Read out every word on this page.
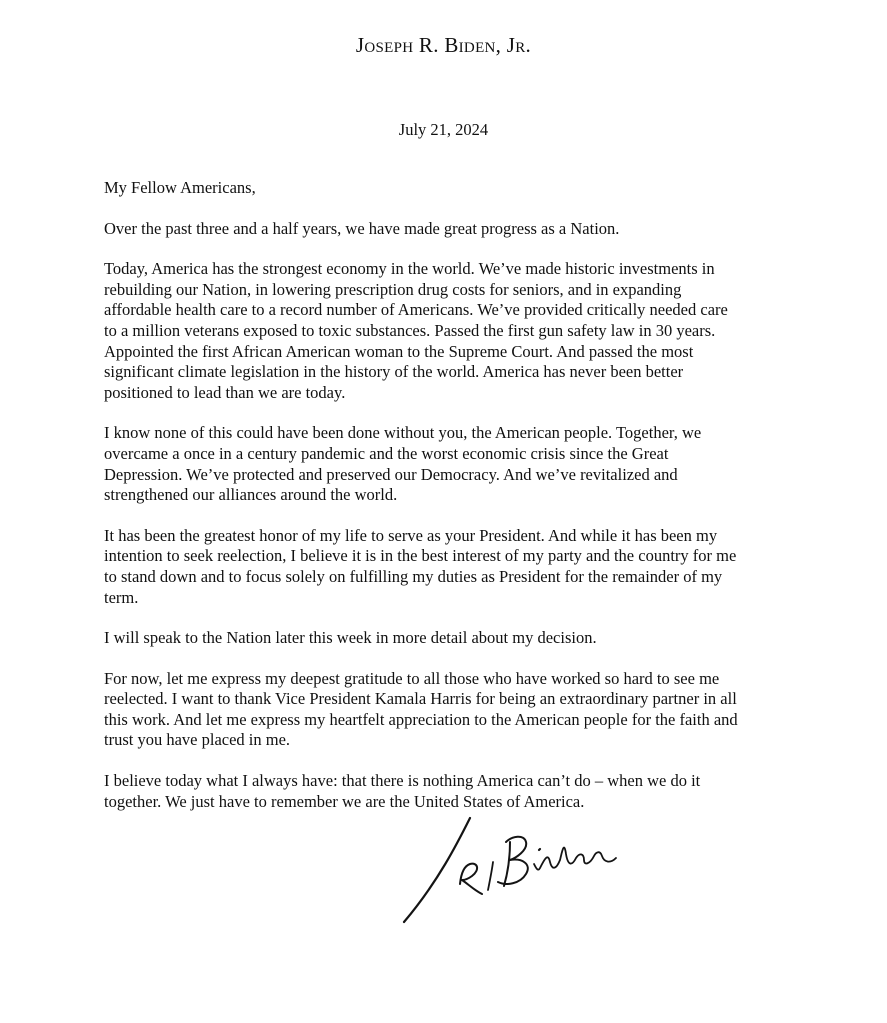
Joseph R. Biden, Jr.
July 21, 2024

My Fellow Americans,

Over the past three and a half years, we have made great progress as a Nation.

Today, America has the strongest economy in the world. We’ve made historic investments in
rebuilding our Nation, in lowering prescription drug costs for seniors, and in expanding
affordable health care to a record number of Americans. We’ve provided critically needed care
to a million veterans exposed to toxic substances. Passed the first gun safety law in 30 years.
Appointed the first African American woman to the Supreme Court. And passed the most
significant climate legislation in the history of the world. America has never been better
positioned to lead than we are today.

I know none of this could have been done without you, the American people. Together, we
overcame a once in a century pandemic and the worst economic crisis since the Great
Depression. We’ve protected and preserved our Democracy. And we’ve revitalized and
strengthened our alliances around the world.

It has been the greatest honor of my life to serve as your President. And while it has been my
intention to seek reelection, I believe it is in the best interest of my party and the country for me
to stand down and to focus solely on fulfilling my duties as President for the remainder of my
term.

I will speak to the Nation later this week in more detail about my decision.

For now, let me express my deepest gratitude to all those who have worked so hard to see me
reelected. I want to thank Vice President Kamala Harris for being an extraordinary partner in all
this work. And let me express my heartfelt appreciation to the American people for the faith and
trust you have placed in me.

I believe today what I always have: that there is nothing America can’t do – when we do it
together. We just have to remember we are the United States of America.
